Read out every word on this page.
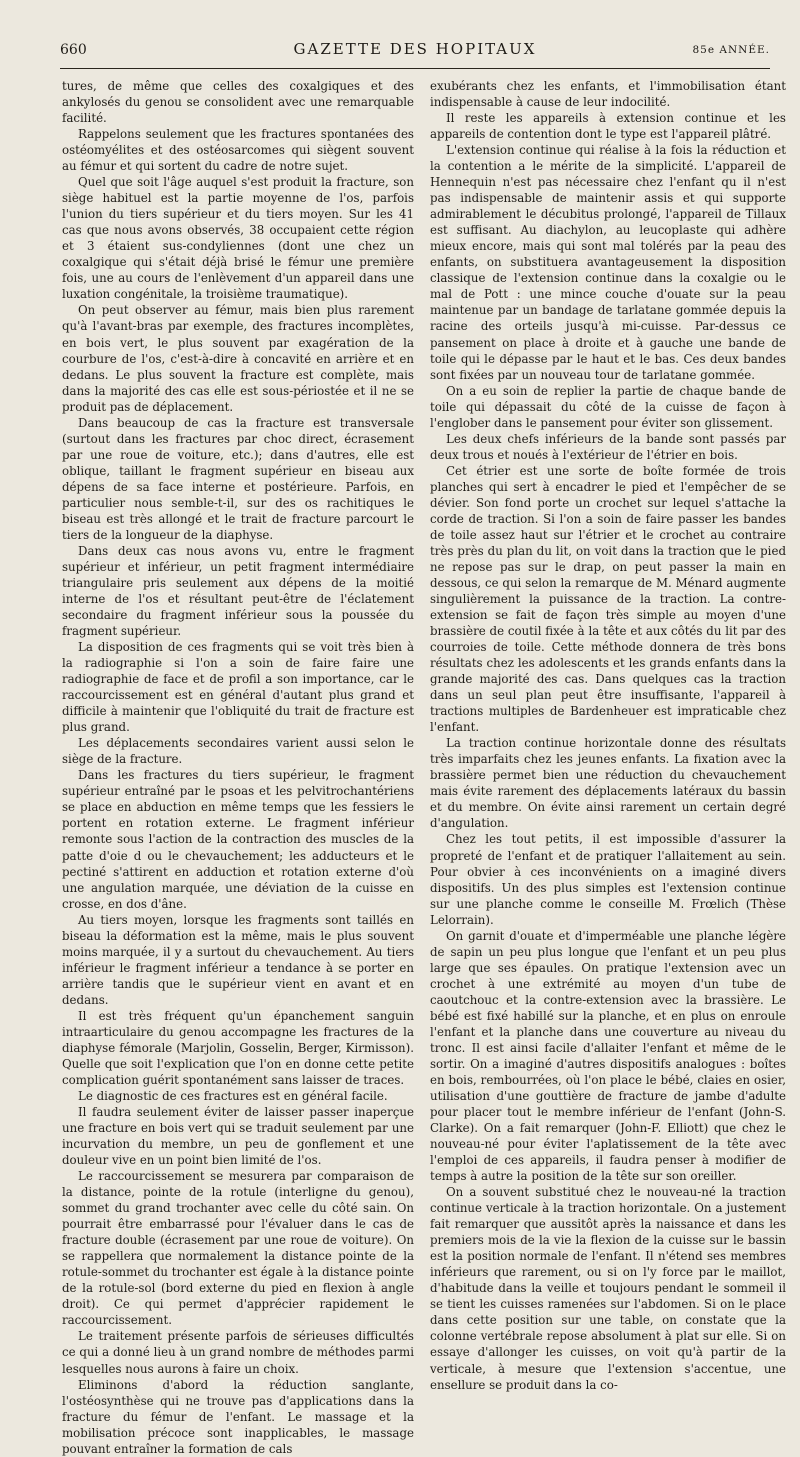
660	GAZETTE DES HOPITAUX	85e ANNÉE.

tures, de même que celles des coxalgiques et des ankylosés du genou se consolident avec une remarquable facilité.

Rappelons seulement que les fractures spontanées des ostéomyélites et des ostéosarcomes qui siègent souvent au fémur et qui sortent du cadre de notre sujet.

Quel que soit l'âge auquel s'est produit la fracture, son siège habituel est la partie moyenne de l'os, parfois l'union du tiers supérieur et du tiers moyen. Sur les 41 cas que nous avons observés, 38 occupaient cette région et 3 étaient sus-condyliennes (dont une chez un coxalgique qui s'était déjà brisé le fémur une première fois, une au cours de l'enlèvement d'un appareil dans une luxation congénitale, la troisième traumatique).

On peut observer au fémur, mais bien plus rarement qu'à l'avant-bras par exemple, des fractures incomplètes, en bois vert, le plus souvent par exagération de la courbure de l'os, c'est-à-dire à concavité en arrière et en dedans. Le plus souvent la fracture est complète, mais dans la majorité des cas elle est sous-périostée et il ne se produit pas de déplacement.

Dans beaucoup de cas la fracture est transversale (surtout dans les fractures par choc direct, écrasement par une roue de voiture, etc.); dans d'autres, elle est oblique, taillant le fragment supérieur en biseau aux dépens de sa face interne et postérieure. Parfois, en particulier nous semble-t-il, sur des os rachitiques le biseau est très allongé et le trait de fracture parcourt le tiers de la longueur de la diaphyse.

Dans deux cas nous avons vu, entre le fragment supérieur et inférieur, un petit fragment intermédiaire triangulaire pris seulement aux dépens de la moitié interne de l'os et résultant peut-être de l'éclatement secondaire du fragment inférieur sous la poussée du fragment supérieur.

La disposition de ces fragments qui se voit très bien à la radiographie si l'on a soin de faire faire une radiographie de face et de profil a son importance, car le raccourcissement est en général d'autant plus grand et difficile à maintenir que l'obliquité du trait de fracture est plus grand.

Les déplacements secondaires varient aussi selon le siège de la fracture.

Dans les fractures du tiers supérieur, le fragment supérieur entraîné par le psoas et les pelvitrochantériens se place en abduction en même temps que les fessiers le portent en rotation externe. Le fragment inférieur remonte sous l'action de la contraction des muscles de la patte d'oie d ou le chevauchement; les adducteurs et le pectiné s'attirent en adduction et rotation externe d'où une angulation marquée, une déviation de la cuisse en crosse, en dos d'âne.

Au tiers moyen, lorsque les fragments sont taillés en biseau la déformation est la même, mais le plus souvent moins marquée, il y a surtout du chevauchement. Au tiers inférieur le fragment inférieur a tendance à se porter en arrière tandis que le supérieur vient en avant et en dedans.

Il est très fréquent qu'un épanchement sanguin intraarticulaire du genou accompagne les fractures de la diaphyse fémorale (Marjolin, Gosselin, Berger, Kirmisson). Quelle que soit l'explication que l'on en donne cette petite complication guérit spontanément sans laisser de traces.

Le diagnostic de ces fractures est en général facile.

Il faudra seulement éviter de laisser passer inaperçue une fracture en bois vert qui se traduit seulement par une incurvation du membre, un peu de gonflement et une douleur vive en un point bien limité de l'os.

Le raccourcissement se mesurera par comparaison de la distance, pointe de la rotule (interligne du genou), sommet du grand trochanter avec celle du côté sain. On pourrait être embarrassé pour l'évaluer dans le cas de fracture double (écrasement par une roue de voiture). On se rappellera que normalement la distance pointe de la rotule-sommet du trochanter est égale à la distance pointe de la rotule-sol (bord externe du pied en flexion à angle droit). Ce qui permet d'apprécier rapidement le raccourcissement.

Le traitement présente parfois de sérieuses difficultés ce qui a donné lieu à un grand nombre de méthodes parmi lesquelles nous aurons à faire un choix.

Eliminons d'abord la réduction sanglante, l'ostéosynthèse qui ne trouve pas d'applications dans la fracture du fémur de l'enfant. Le massage et la mobilisation précoce sont inapplicables, le massage pouvant entraîner la formation de cals

exubérants chez les enfants, et l'immobilisation étant indispensable à cause de leur indocilité.

Il reste les appareils à extension continue et les appareils de contention dont le type est l'appareil plâtré.

L'extension continue qui réalise à la fois la réduction et la contention a le mérite de la simplicité. L'appareil de Hennequin n'est pas nécessaire chez l'enfant qu il n'est pas indispensable de maintenir assis et qui supporte admirablement le décubitus prolongé, l'appareil de Tillaux est suffisant. Au diachylon, au leucoplaste qui adhère mieux encore, mais qui sont mal tolérés par la peau des enfants, on substituera avantageusement la disposition classique de l'extension continue dans la coxalgie ou le mal de Pott : une mince couche d'ouate sur la peau maintenue par un bandage de tarlatane gommée depuis la racine des orteils jusqu'à mi-cuisse. Par-dessus ce pansement on place à droite et à gauche une bande de toile qui le dépasse par le haut et le bas. Ces deux bandes sont fixées par un nouveau tour de tarlatane gommée.

On a eu soin de replier la partie de chaque bande de toile qui dépassait du côté de la cuisse de façon à l'englober dans le pansement pour éviter son glissement.

Les deux chefs inférieurs de la bande sont passés par deux trous et noués à l'extérieur de l'étrier en bois.

Cet étrier est une sorte de boîte formée de trois planches qui sert à encadrer le pied et l'empêcher de se dévier. Son fond porte un crochet sur lequel s'attache la corde de traction. Si l'on a soin de faire passer les bandes de toile assez haut sur l'étrier et le crochet au contraire très près du plan du lit, on voit dans la traction que le pied ne repose pas sur le drap, on peut passer la main en dessous, ce qui selon la remarque de M. Ménard augmente singulièrement la puissance de la traction. La contre-extension se fait de façon très simple au moyen d'une brassière de coutil fixée à la tête et aux côtés du lit par des courroies de toile. Cette méthode donnera de très bons résultats chez les adolescents et les grands enfants dans la grande majorité des cas. Dans quelques cas la traction dans un seul plan peut être insuffisante, l'appareil à tractions multiples de Bardenheuer est impraticable chez l'enfant.

La traction continue horizontale donne des résultats très imparfaits chez les jeunes enfants. La fixation avec la brassière permet bien une réduction du chevauchement mais évite rarement des déplacements latéraux du bassin et du membre. On évite ainsi rarement un certain degré d'angulation.

Chez les tout petits, il est impossible d'assurer la propreté de l'enfant et de pratiquer l'allaitement au sein. Pour obvier à ces inconvénients on a imaginé divers dispositifs. Un des plus simples est l'extension continue sur une planche comme le conseille M. Frœlich (Thèse Lelorrain).

On garnit d'ouate et d'imperméable une planche légère de sapin un peu plus longue que l'enfant et un peu plus large que ses épaules. On pratique l'extension avec un crochet à une extrémité au moyen d'un tube de caoutchouc et la contre-extension avec la brassière. Le bébé est fixé habillé sur la planche, et en plus on enroule l'enfant et la planche dans une couverture au niveau du tronc. Il est ainsi facile d'allaiter l'enfant et même de le sortir. On a imaginé d'autres dispositifs analogues : boîtes en bois, rembourrées, où l'on place le bébé, claies en osier, utilisation d'une gouttière de fracture de jambe d'adulte pour placer tout le membre inférieur de l'enfant (John-S. Clarke). On a fait remarquer (John-F. Elliott) que chez le nouveau-né pour éviter l'aplatissement de la tête avec l'emploi de ces appareils, il faudra penser à modifier de temps à autre la position de la tête sur son oreiller.

On a souvent substitué chez le nouveau-né la traction continue verticale à la traction horizontale. On a justement fait remarquer que aussitôt après la naissance et dans les premiers mois de la vie la flexion de la cuisse sur le bassin est la position normale de l'enfant. Il n'étend ses membres inférieurs que rarement, ou si on l'y force par le maillot, d'habitude dans la veille et toujours pendant le sommeil il se tient les cuisses ramenées sur l'abdomen. Si on le place dans cette position sur une table, on constate que la colonne vertébrale repose absolument à plat sur elle. Si on essaye d'allonger les cuisses, on voit qu'à partir de la verticale, à mesure que l'extension s'accentue, une ensellure se produit dans la co-
